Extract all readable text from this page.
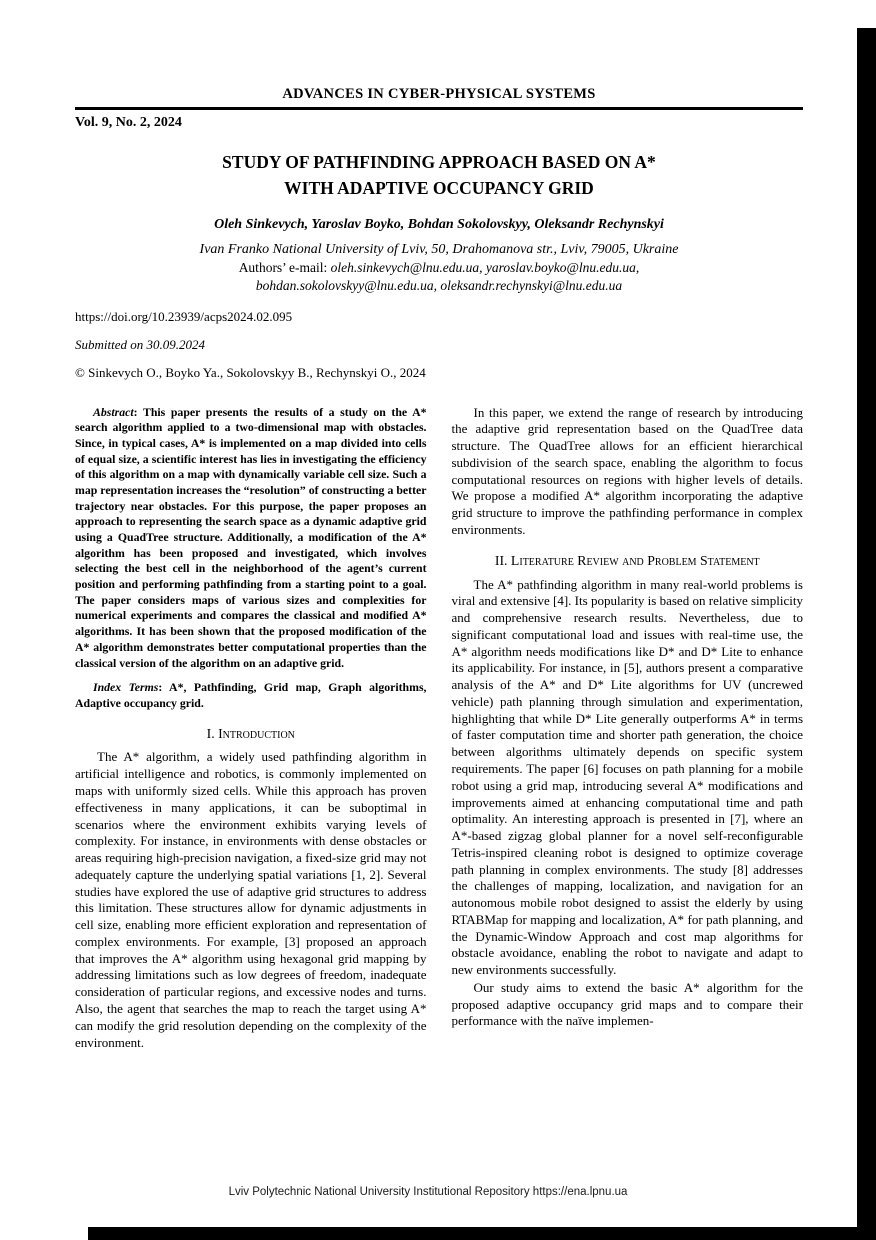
ADVANCES IN CYBER-PHYSICAL SYSTEMS
Vol. 9, No. 2, 2024
STUDY OF PATHFINDING APPROACH BASED ON A*
WITH ADAPTIVE OCCUPANCY GRID
Oleh Sinkevych, Yaroslav Boyko, Bohdan Sokolovskyy, Oleksandr Rechynskyi
Ivan Franko National University of Lviv, 50, Drahomanova str., Lviv, 79005, Ukraine
Authors’ e-mail: oleh.sinkevych@lnu.edu.ua, yaroslav.boyko@lnu.edu.ua,
bohdan.sokolovskyy@lnu.edu.ua, oleksandr.rechynskyi@lnu.edu.ua
https://doi.org/10.23939/acps2024.02.095
Submitted on 30.09.2024
© Sinkevych O., Boyko Ya., Sokolovskyy B., Rechynskyi O., 2024

Abstract: This paper presents the results of a study on the A* search algorithm applied to a two-dimensional map with obstacles. Since, in typical cases, A* is implemented on a map divided into cells of equal size, a scientific interest has lies in investigating the efficiency of this algorithm on a map with dynamically variable cell size. Such a map representation increases the “resolution” of constructing a better trajectory near obstacles. For this purpose, the paper proposes an approach to representing the search space as a dynamic adaptive grid using a QuadTree structure. Additionally, a modification of the A* algorithm has been proposed and investigated, which involves selecting the best cell in the neighborhood of the agent’s current position and performing pathfinding from a starting point to a goal. The paper considers maps of various sizes and complexities for numerical experiments and compares the classical and modified A* algorithms. It has been shown that the proposed modification of the A* algorithm demonstrates better computational properties than the classical version of the algorithm on an adaptive grid.

Index Terms: A*, Pathfinding, Grid map, Graph algorithms, Adaptive occupancy grid.

I. Introduction

The A* algorithm, a widely used pathfinding algorithm in artificial intelligence and robotics, is commonly implemented on maps with uniformly sized cells. While this approach has proven effectiveness in many applications, it can be suboptimal in scenarios where the environment exhibits varying levels of complexity. For instance, in environments with dense obstacles or areas requiring high-precision navigation, a fixed-size grid may not adequately capture the underlying spatial variations [1, 2]. Several studies have explored the use of adaptive grid structures to address this limitation. These structures allow for dynamic adjustments in cell size, enabling more efficient exploration and representation of complex environments. For example, [3] proposed an approach that improves the A* algorithm using hexagonal grid mapping by addressing limitations such as low degrees of freedom, inadequate consideration of particular regions, and excessive nodes and turns. Also, the agent that searches the map to reach the target using A* can modify the grid resolution depending on the complexity of the environment.

In this paper, we extend the range of research by introducing the adaptive grid representation based on the QuadTree data structure. The QuadTree allows for an efficient hierarchical subdivision of the search space, enabling the algorithm to focus computational resources on regions with higher levels of details. We propose a modified A* algorithm incorporating the adaptive grid structure to improve the pathfinding performance in complex environments.

II. Literature Review and Problem Statement

The A* pathfinding algorithm in many real-world problems is viral and extensive [4]. Its popularity is based on relative simplicity and comprehensive research results. Nevertheless, due to significant computational load and issues with real-time use, the A* algorithm needs modifications like D* and D* Lite to enhance its applicability. For instance, in [5], authors present a comparative analysis of the A* and D* Lite algorithms for UV (uncrewed vehicle) path planning through simulation and experimentation, highlighting that while D* Lite generally outperforms A* in terms of faster computation time and shorter path generation, the choice between algorithms ultimately depends on specific system requirements. The paper [6] focuses on path planning for a mobile robot using a grid map, introducing several A* modifications and improvements aimed at enhancing computational time and path optimality. An interesting approach is presented in [7], where an A*-based zigzag global planner for a novel self-reconfigurable Tetris-inspired cleaning robot is designed to optimize coverage path planning in complex environments. The study [8] addresses the challenges of mapping, localization, and navigation for an autonomous mobile robot designed to assist the elderly by using RTABMap for mapping and localization, A* for path planning, and the Dynamic-Window Approach and cost map algorithms for obstacle avoidance, enabling the robot to navigate and adapt to new environments successfully.

Our study aims to extend the basic A* algorithm for the proposed adaptive occupancy grid maps and to compare their performance with the naïve implemen-

Lviv Polytechnic National University Institutional Repository https://ena.lpnu.ua
